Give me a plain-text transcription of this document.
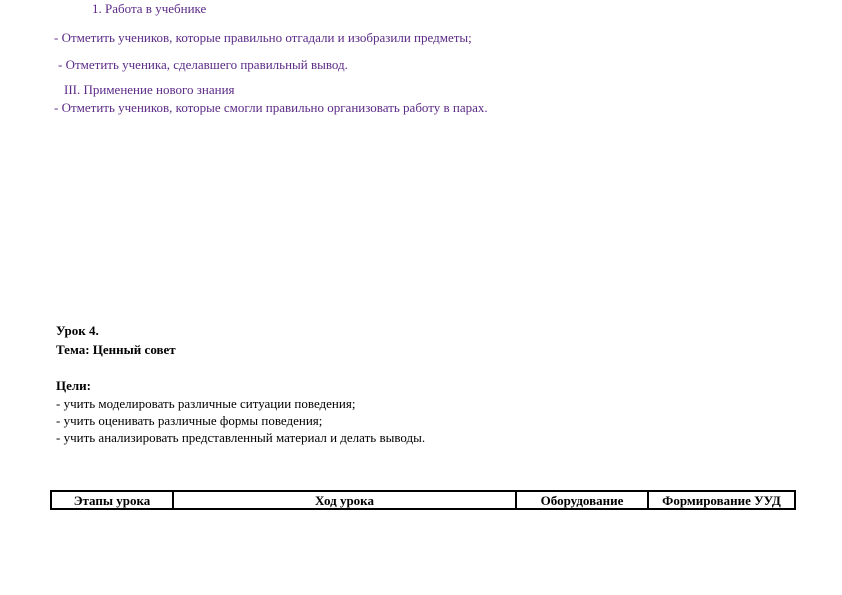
1. Работа в учебнике
- Отметить учеников, которые правильно отгадали и изобразили предметы;
- Отметить ученика, сделавшего правильный вывод.
III. Применение нового знания
- Отметить учеников, которые смогли правильно организовать работу в парах.
Урок 4.
Тема: Ценный совет
Цели:
- учить моделировать различные ситуации поведения;
- учить оценивать различные формы поведения;
- учить анализировать представленный материал и делать выводы.
Этапы урока	Ход урока	Оборудование	Формирование УУД
